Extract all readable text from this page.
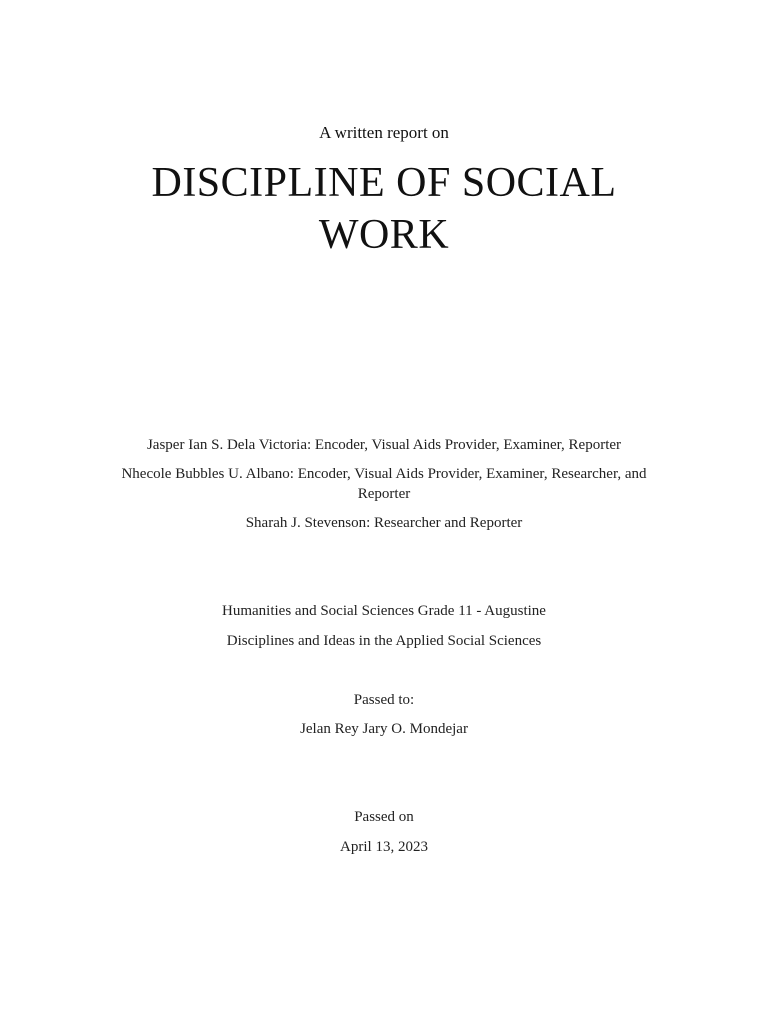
A written report on
DISCIPLINE OF SOCIAL
WORK
Jasper Ian S. Dela Victoria: Encoder, Visual Aids Provider, Examiner, Reporter
Nhecole Bubbles U. Albano: Encoder, Visual Aids Provider, Examiner, Researcher, and Reporter
Sharah J. Stevenson: Researcher and Reporter
Humanities and Social Sciences Grade 11 - Augustine
Disciplines and Ideas in the Applied Social Sciences
Passed to:
Jelan Rey Jary O. Mondejar
Passed on
April 13, 2023
